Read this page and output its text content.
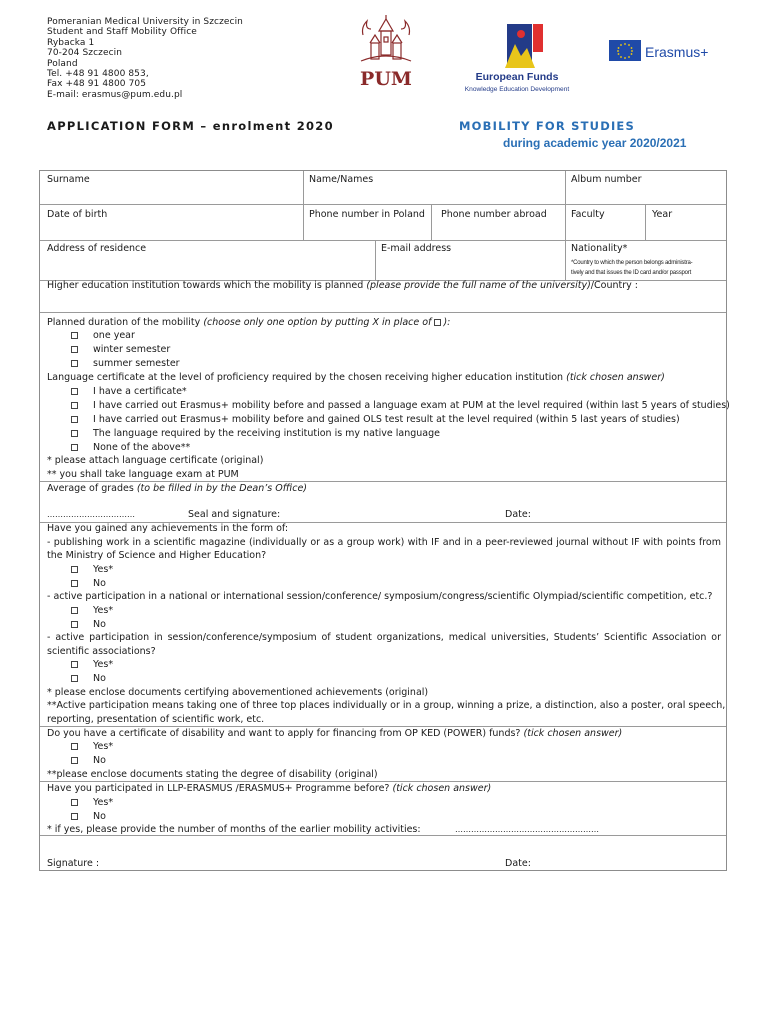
Pomeranian Medical University in Szczecin
Student and Staff Mobility Office
Rybacka 1
70-204 Szczecin
Poland
Tel. +48 91 4800 853,
Fax +48 91 4800 705
E-mail: erasmus@pum.edu.pl
PUM	European Funds
Knowledge Education Development
Erasmus+
APPLICATION FORM – enrolment 2020	MOBILITY FOR STUDIES
during academic year 2020/2021
Surname	Name/Names	Album number
Date of birth	Phone number in Poland Phone number abroad	Faculty	Year
Address of residence	E-mail address	Nationality*
*Country to which the person belongs administra-
tively and that issues the ID card and/or passport
Higher education institution towards which the mobility is planned (please provide the full name of the university)/Country :
Planned duration of the mobility (choose only one option by putting X in place of ):
one year
winter semester
summer semester
Language certificate at the level of proficiency required by the chosen receiving higher education institution (tick chosen answer)
I have a certificate*
I have carried out Erasmus+ mobility before and passed a language exam at PUM at the level required (within last 5 years of studies)
I have carried out Erasmus+ mobility before and gained OLS test result at the level required (within 5 last years of studies)
The language required by the receiving institution is my native language
None of the above**
* please attach language certificate (original)
** you shall take language exam at PUM
Average of grades (to be filled in by the Dean’s Office)
……………………………	Seal and signature:	Date:
Have you gained any achievements in the form of:
- publishing work in a scientific magazine (individually or as a group work) with IF and in a peer-reviewed journal without IF with points from
the Ministry of Science and Higher Education?
Yes*
No
- active participation in a national or international session/conference/ symposium/congress/scientific Olympiad/scientific competition, etc.?
Yes*
No
- active participation in session/conference/symposium of student organizations, medical universities, Students’ Scientific Association or
scientific associations?
Yes*
No
* please enclose documents certifying abovementioned achievements (original)
**Active participation means taking one of three top places individually or in a group, winning a prize, a distinction, also a poster, oral speech,
reporting, presentation of scientific work, etc.
Do you have a certificate of disability and want to apply for financing from OP KED (POWER) funds? (tick chosen answer)
Yes*
No
**please enclose documents stating the degree of disability (original)
Have you participated in LLP-ERASMUS /ERASMUS+ Programme before? (tick chosen answer)
Yes*
No
* if yes, please provide the number of months of the earlier mobility activities:	………………………………………………
Signature :	Date:
